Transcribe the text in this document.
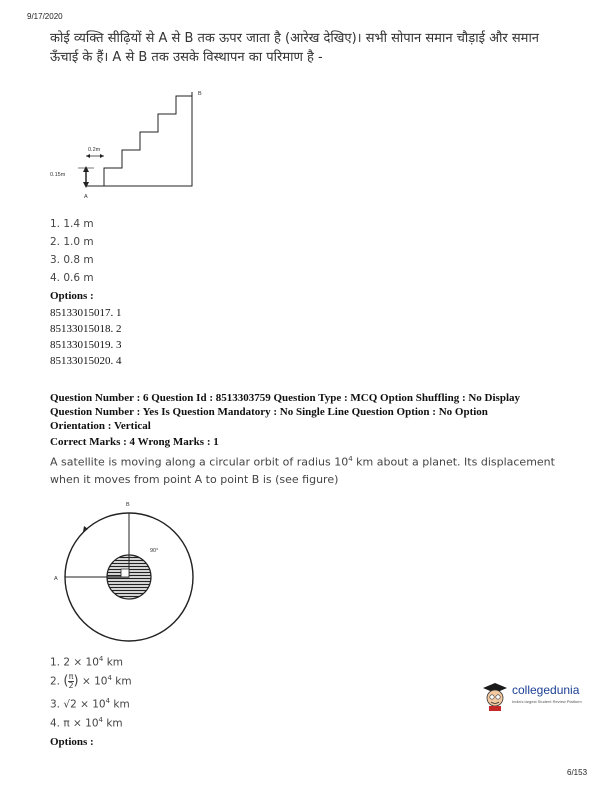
9/17/2020
कोई व्यक्ति सीढ़ियों से A से B तक ऊपर जाता है (आरेख देखिए)। सभी सोपान समान चौड़ाई और समान
ऊँचाई के हैं। A से B तक उसके विस्थापन का परिमाण है -
0.2m
0.15m
A
B
1. 1.4 m
2. 1.0 m
3. 0.8 m
4. 0.6 m
Options :
85133015017. 1
85133015018. 2
85133015019. 3
85133015020. 4
Question Number : 6 Question Id : 8513303759 Question Type : MCQ Option Shuffling : No Display
Question Number : Yes Is Question Mandatory : No Single Line Question Option : No Option
Orientation : Vertical
Correct Marks : 4 Wrong Marks : 1
A satellite is moving along a circular orbit of radius $10^4$ km about a planet. Its displacement
when it moves from point A to point B is (see figure)
B
A
90°
1. $2 \times 10^4$ km
2. ( $\frac{\pi}{2}$ ) × $10^4$ km
3. $√2 \times 10^4$ km
4. $\pi \times 10^4$ km
Options :
collegedunia
India's largest Student Review Platform
6/153
